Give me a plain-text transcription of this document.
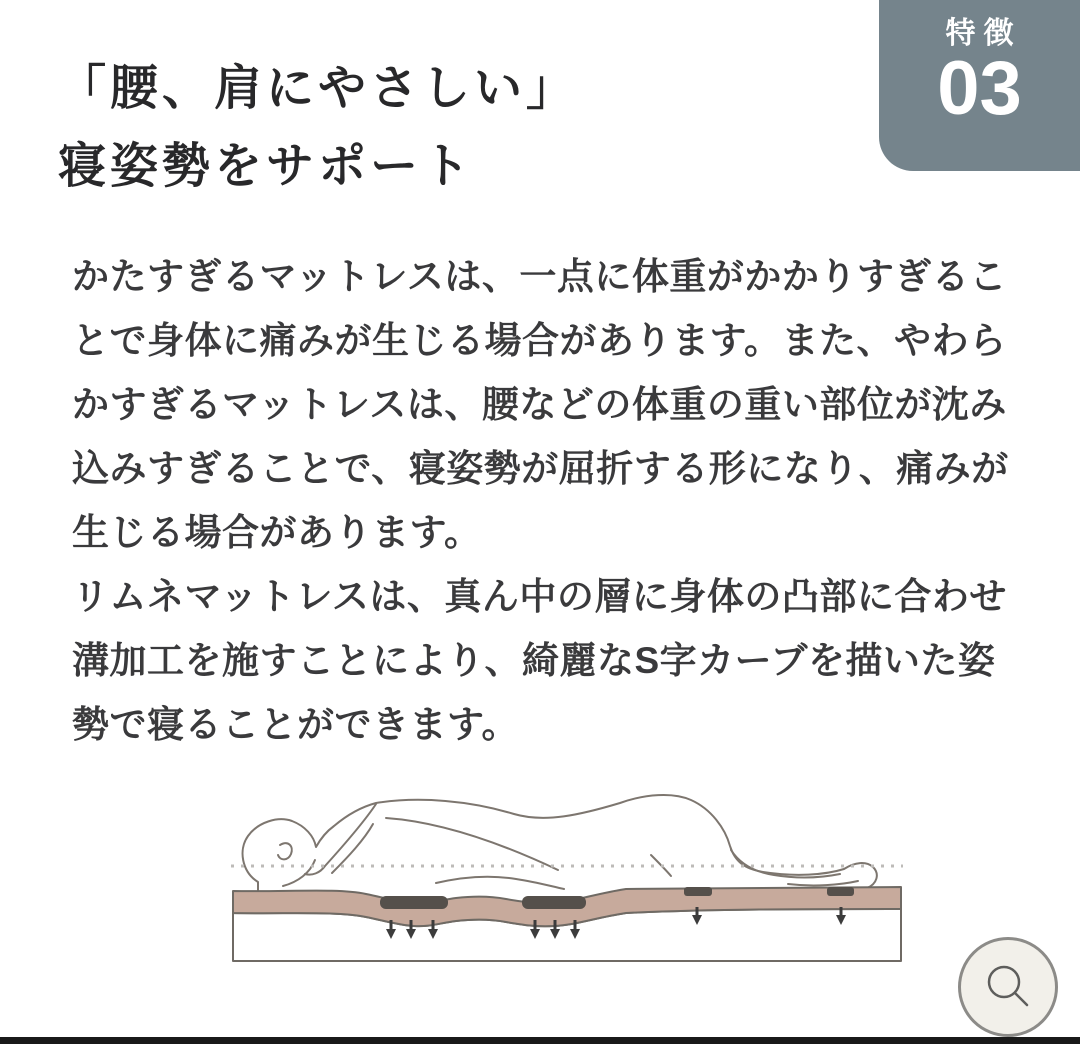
特徴
03
「腰、肩にやさしい」
寝姿勢をサポート
かたすぎるマットレスは、一点に体重がかかりすぎるこ
とで身体に痛みが生じる場合があります。また、やわら
かすぎるマットレスは、腰などの体重の重い部位が沈み
込みすぎることで、寝姿勢が屈折する形になり、痛みが
生じる場合があります。
リムネマットレスは、真ん中の層に身体の凸部に合わせ
溝加工を施すことにより、綺麗なS字カーブを描いた姿
勢で寝ることができます。
